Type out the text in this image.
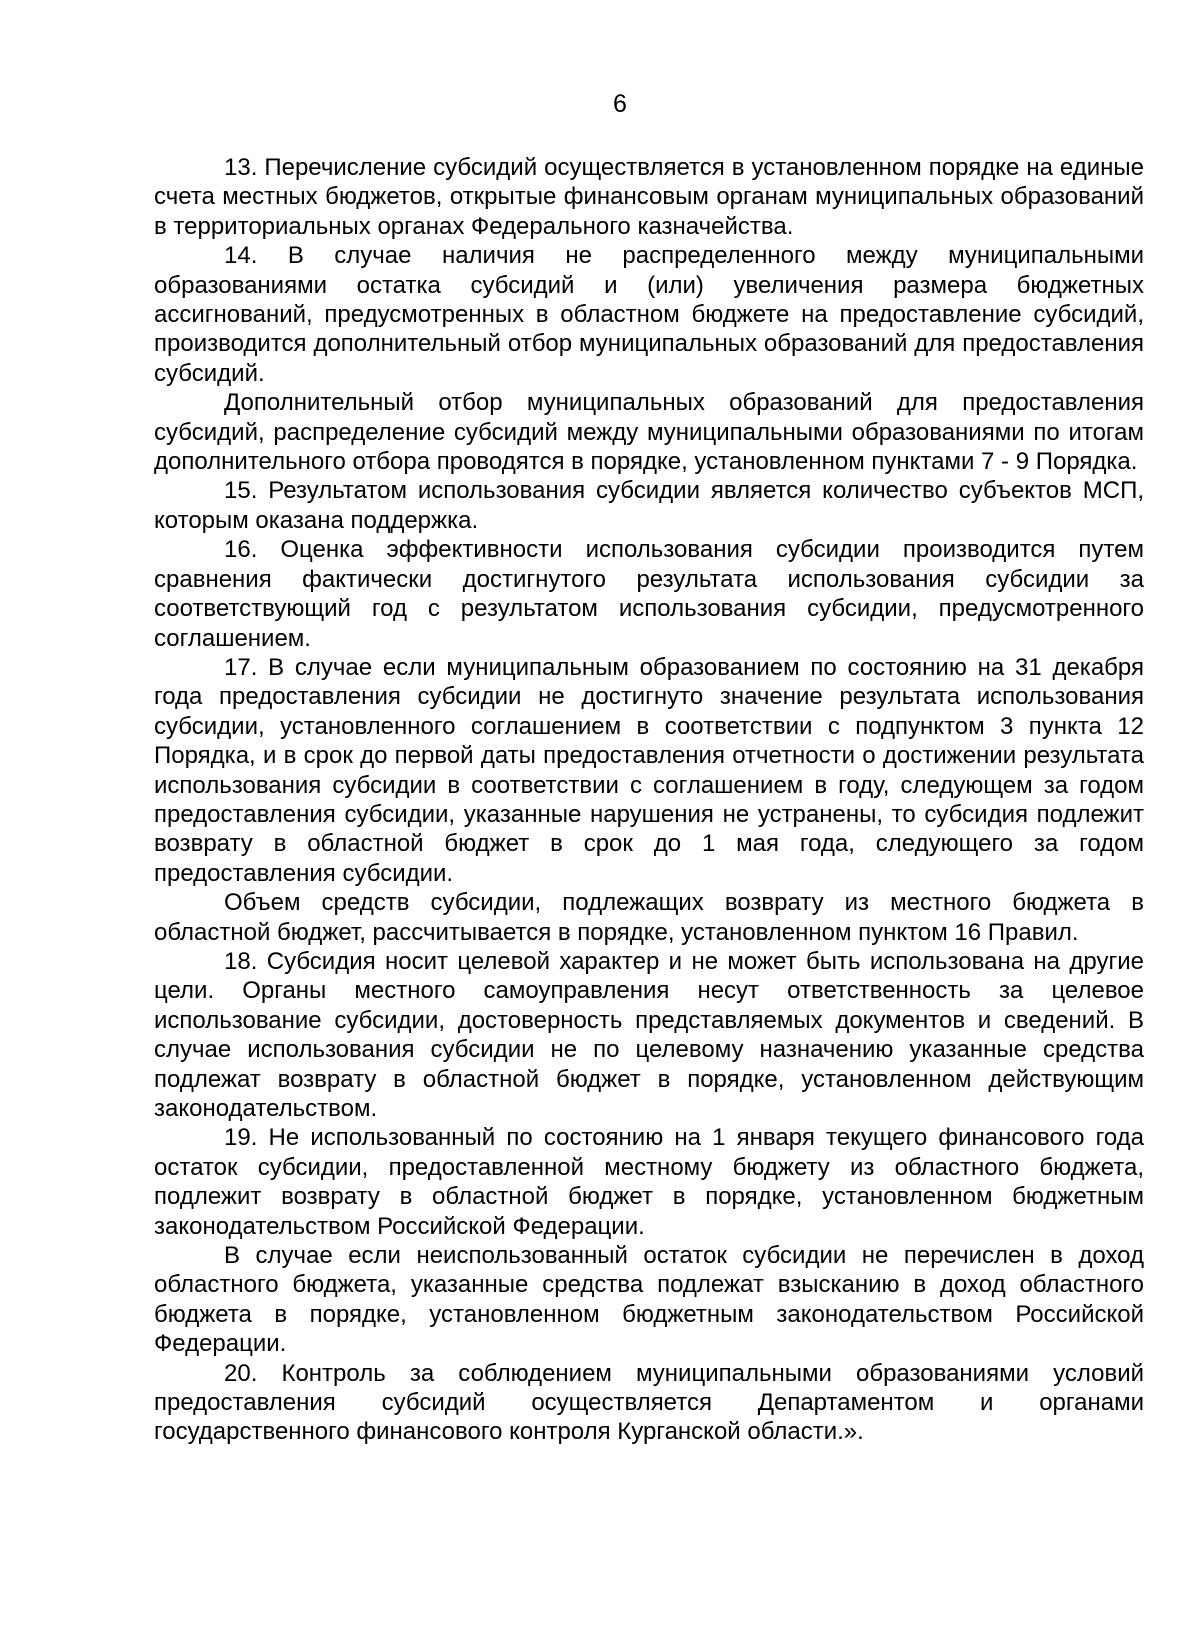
6

13. Перечисление субсидий осуществляется в установленном порядке на единые счета местных бюджетов, открытые финансовым органам муниципальных образований в территориальных органах Федерального казначейства.

14. В случае наличия не распределенного между муниципальными образованиями остатка субсидий и (или) увеличения размера бюджетных ассигнований, предусмотренных в областном бюджете на предоставление субсидий, производится дополнительный отбор муниципальных образований для предоставления субсидий.

Дополнительный отбор муниципальных образований для предоставления субсидий, распределение субсидий между муниципальными образованиями по итогам дополнительного отбора проводятся в порядке, установленном пунктами 7 - 9 Порядка.

15. Результатом использования субсидии является количество субъектов МСП, которым оказана поддержка.

16. Оценка эффективности использования субсидии производится путем сравнения фактически достигнутого результата использования субсидии за соответствующий год с результатом использования субсидии, предусмотренного соглашением.

17. В случае если муниципальным образованием по состоянию на 31 декабря года предоставления субсидии не достигнуто значение результата использования субсидии, установленного соглашением в соответствии с подпунктом 3 пункта 12 Порядка, и в срок до первой даты предоставления отчетности о достижении результата использования субсидии в соответствии с соглашением в году, следующем за годом предоставления субсидии, указанные нарушения не устранены, то субсидия подлежит возврату в областной бюджет в срок до 1 мая года, следующего за годом предоставления субсидии.

Объем средств субсидии, подлежащих возврату из местного бюджета в областной бюджет, рассчитывается в порядке, установленном пунктом 16 Правил.

18. Субсидия носит целевой характер и не может быть использована на другие цели. Органы местного самоуправления несут ответственность за целевое использование субсидии, достоверность представляемых документов и сведений. В случае использования субсидии не по целевому назначению указанные средства подлежат возврату в областной бюджет в порядке, установленном действующим законодательством.

19. Не использованный по состоянию на 1 января текущего финансового года остаток субсидии, предоставленной местному бюджету из областного бюджета, подлежит возврату в областной бюджет в порядке, установленном бюджетным законодательством Российской Федерации.

В случае если неиспользованный остаток субсидии не перечислен в доход областного бюджета, указанные средства подлежат взысканию в доход областного бюджета в порядке, установленном бюджетным законодательством Российской Федерации.

20. Контроль за соблюдением муниципальными образованиями условий предоставления субсидий осуществляется Департаментом и органами государственного финансового контроля Курганской области.».
